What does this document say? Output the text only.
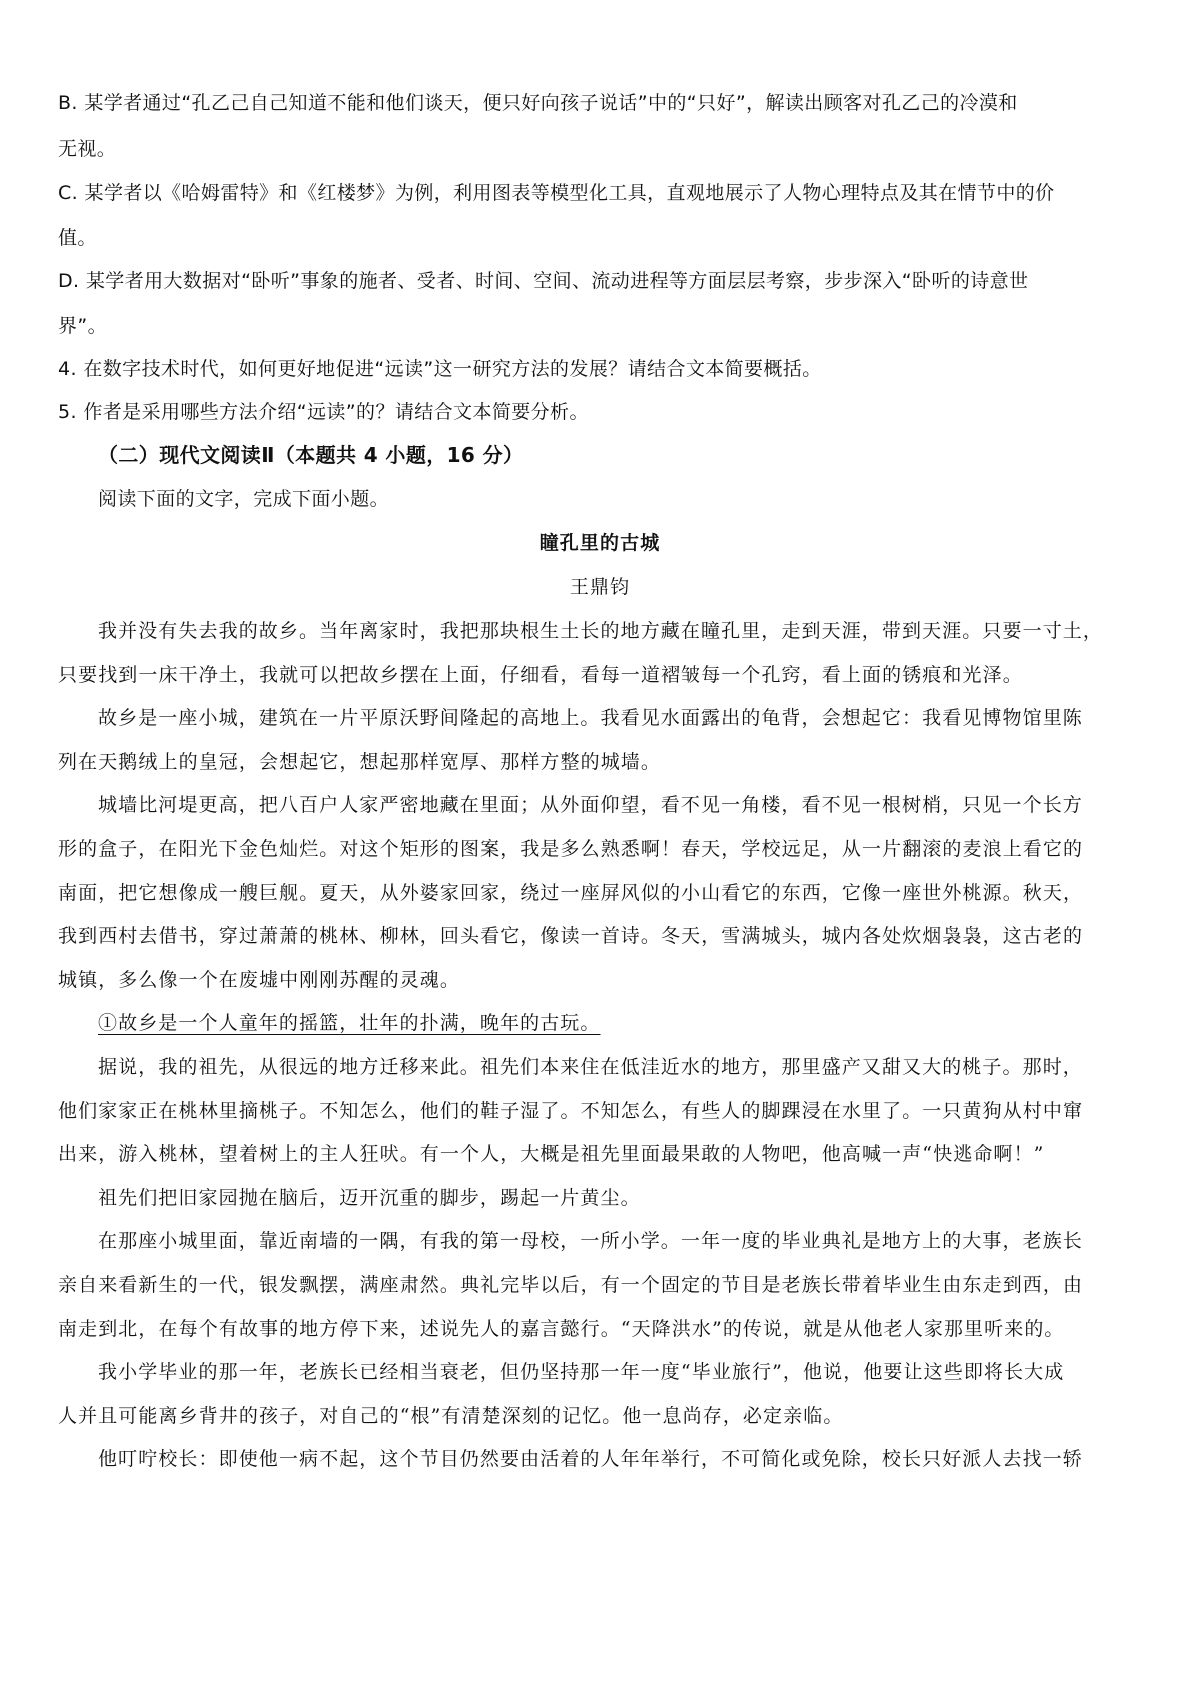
B. 某学者通过“孔乙己自己知道不能和他们谈天，便只好向孩子说话”中的“只好”，解读出顾客对孔乙己的冷漠和
无视。
C. 某学者以《哈姆雷特》和《红楼梦》为例，利用图表等模型化工具，直观地展示了人物心理特点及其在情节中的价
值。
D. 某学者用大数据对“卧听”事象的施者、受者、时间、空间、流动进程等方面层层考察，步步深入“卧听的诗意世
界”。
4. 在数字技术时代，如何更好地促进“远读”这一研究方法的发展？请结合文本简要概括。
5. 作者是采用哪些方法介绍“远读”的？请结合文本简要分析。
（二）现代文阅读Ⅱ（本题共 4 小题，16 分）
阅读下面的文字，完成下面小题。
瞳孔里的古城
王鼎钧
我并没有失去我的故乡。当年离家时，我把那块根生土长的地方藏在瞳孔里，走到天涯，带到天涯。只要一寸土，
只要找到一床干净土，我就可以把故乡摆在上面，仔细看，看每一道褶皱每一个孔窍，看上面的锈痕和光泽。
故乡是一座小城，建筑在一片平原沃野间隆起的高地上。我看见水面露出的龟背，会想起它：我看见博物馆里陈
列在天鹅绒上的皇冠，会想起它，想起那样宽厚、那样方整的城墙。
城墙比河堤更高，把八百户人家严密地藏在里面；从外面仰望，看不见一角楼，看不见一根树梢，只见一个长方
形的盒子，在阳光下金色灿烂。对这个矩形的图案，我是多么熟悉啊！春天，学校远足，从一片翻滚的麦浪上看它的
南面，把它想像成一艘巨舰。夏天，从外婆家回家，绕过一座屏风似的小山看它的东西，它像一座世外桃源。秋天，
我到西村去借书，穿过萧萧的桃林、柳林，回头看它，像读一首诗。冬天，雪满城头，城内各处炊烟袅袅，这古老的
城镇，多么像一个在废墟中刚刚苏醒的灵魂。
①故乡是一个人童年的摇篮，壮年的扑满，晚年的古玩。
据说，我的祖先，从很远的地方迁移来此。祖先们本来住在低洼近水的地方，那里盛产又甜又大的桃子。那时，
他们家家正在桃林里摘桃子。不知怎么，他们的鞋子湿了。不知怎么，有些人的脚踝浸在水里了。一只黄狗从村中窜
出来，游入桃林，望着树上的主人狂吠。有一个人，大概是祖先里面最果敢的人物吧，他高喊一声“快逃命啊！”
祖先们把旧家园抛在脑后，迈开沉重的脚步，踢起一片黄尘。
在那座小城里面，靠近南墙的一隅，有我的第一母校，一所小学。一年一度的毕业典礼是地方上的大事，老族长
亲自来看新生的一代，银发飘摆，满座肃然。典礼完毕以后，有一个固定的节目是老族长带着毕业生由东走到西，由
南走到北，在每个有故事的地方停下来，述说先人的嘉言懿行。“天降洪水”的传说，就是从他老人家那里听来的。
我小学毕业的那一年，老族长已经相当衰老，但仍坚持那一年一度“毕业旅行”，他说，他要让这些即将长大成
人并且可能离乡背井的孩子，对自己的“根”有清楚深刻的记忆。他一息尚存，必定亲临。
他叮咛校长：即使他一病不起，这个节目仍然要由活着的人年年举行，不可简化或免除，校长只好派人去找一轿
